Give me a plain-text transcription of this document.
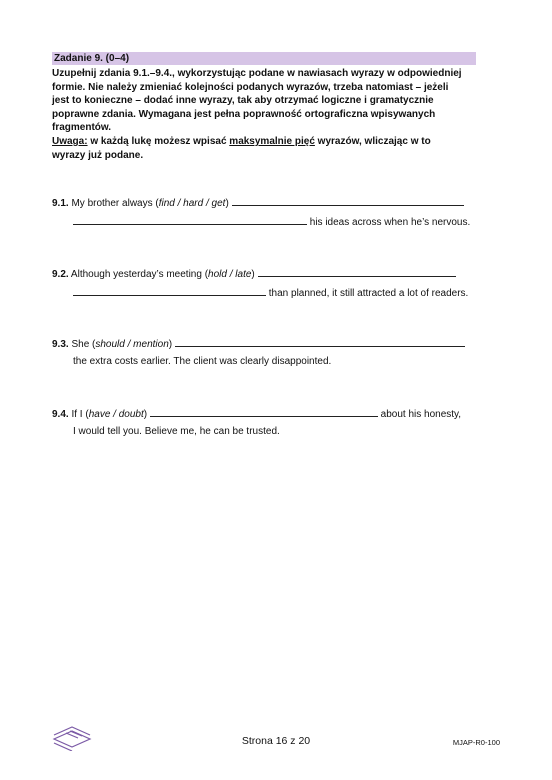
Zadanie 9. (0–4)

Uzupełnij zdania 9.1.–9.4., wykorzystując podane w nawiasach wyrazy w odpowiedniej

formie. Nie należy zmieniać kolejności podanych wyrazów, trzeba natomiast – jeżeli

jest to konieczne – dodać inne wyrazy, tak aby otrzymać logiczne i gramatycznie

poprawne zdania. Wymagana jest pełna poprawność ortograficzna wpisywanych

fragmentów.

Uwaga: w każdą lukę możesz wpisać maksymalnie pięć wyrazów, wliczając w to

wyrazy już podane.

9.1. My brother always (find / hard / get)
his ideas across when he’s nervous.
9.2. Although yesterday’s meeting (hold / late)
than planned, it still attracted a lot of readers.
9.3. She (should / mention)
the extra costs earlier. The client was clearly disappointed.
9.4. If I (have / doubt)	about his honesty,
I would tell you. Believe me, he can be trusted.
Strona 16 z 20	MJAP-R0-100
